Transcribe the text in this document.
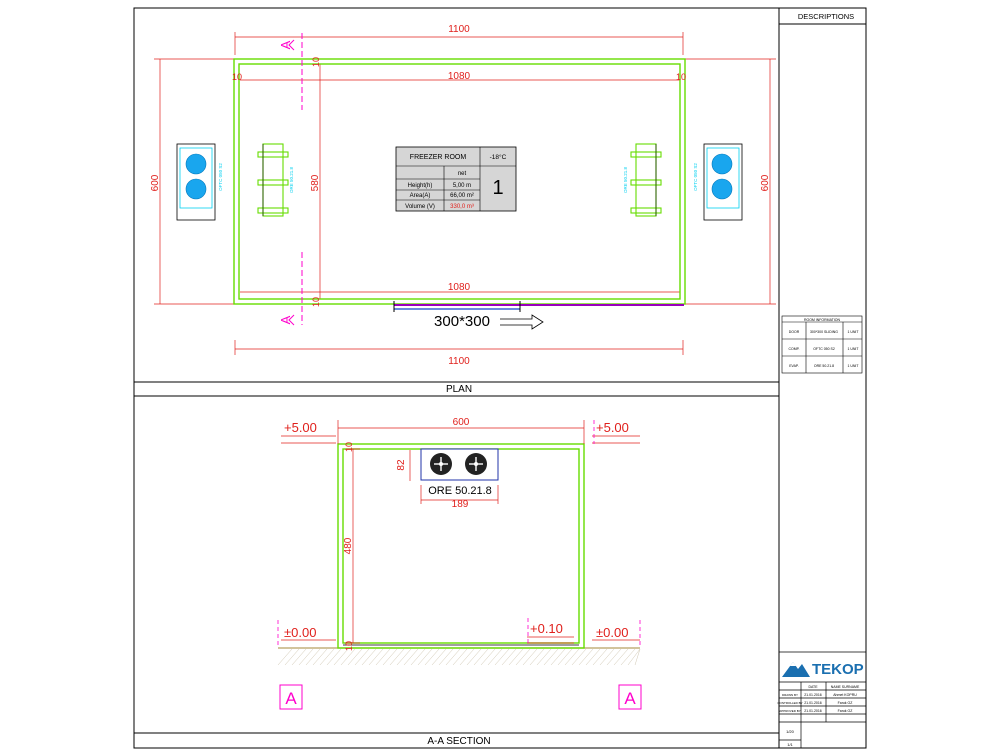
DESCRIPTIONS
PLAN
A-A SECTION
300*300
A
A
1100
1080
1080
1100
10	10
10
10
600	600
580
OFTC 050 S2	OFTC 050 S2
ORE 50.21.8	ORE 50.21.8
FREEZER ROOM	-18°C
net
Height(h)	5,00 m
Area(A)	66,00 m²
Volume (V)	330,0 m³
1
ROOM INFORMATION
DOOR	300*300 SLIDING	1 UNIT
COMP.	OFTC 050 S2	1 UNIT
EVAP.	ORE 50.21.8	1 UNIT
+5.00	+5.00
±0.00	±0.00
+0.10
600
480
10
10
82
189
ORE 50.21.8
A	A
TEKOP
DATE	NAME SURNAME
DRAWN BY 21.01.2016	Ahmet KOPRU
CONTROLLED BY 21.01.2016	Faruk OZ
APPROVED BY 21.01.2016	Faruk OZ
1/20
1/1
